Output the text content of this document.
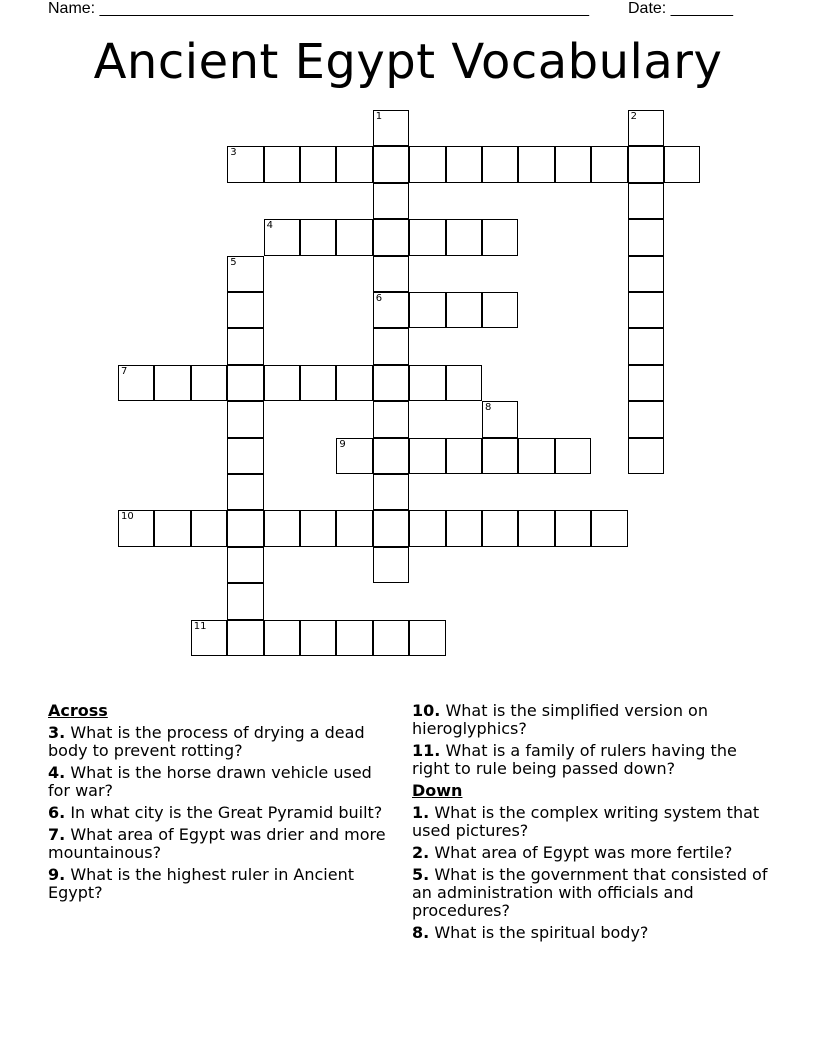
Name: _______________________________________________________ Date: _______
Ancient Egypt Vocabulary
1
6
2
3
4
5
7
8
9
10
11
Across
3. What is the process of drying a dead body to prevent rotting?
4. What is the horse drawn vehicle used for war?
6. In what city is the Great Pyramid built?
7. What area of Egypt was drier and more mountainous?
9. What is the highest ruler in Ancient Egypt?
10. What is the simplified version on hieroglyphics?
11. What is a family of rulers having the right to rule being passed down?
Down
1. What is the complex writing system that used pictures?
2. What area of Egypt was more fertile?
5. What is the government that consisted of an administration with officials and procedures?
8. What is the spiritual body?
